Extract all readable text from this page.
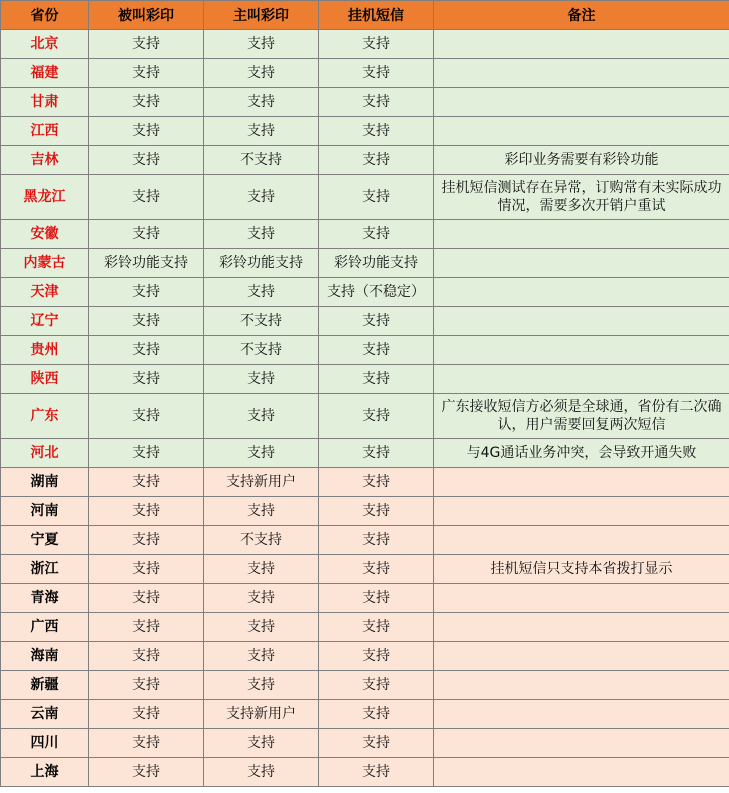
省份	被叫彩印	主叫彩印	挂机短信	备注
北京	支持	支持	支持	
福建	支持	支持	支持	
甘肃	支持	支持	支持	
江西	支持	支持	支持	
吉林	支持	不支持	支持	彩印业务需要有彩铃功能
黑龙江	支持	支持	支持	挂机短信测试存在异常，订购常有未实际成功情况，需要多次开销户重试
安徽	支持	支持	支持	
内蒙古	彩铃功能支持	彩铃功能支持	彩铃功能支持	
天津	支持	支持	支持（不稳定）	
辽宁	支持	不支持	支持	
贵州	支持	不支持	支持	
陕西	支持	支持	支持	
广东	支持	支持	支持	广东接收短信方必须是全球通，省份有二次确认，用户需要回复两次短信
河北	支持	支持	支持	与4G通话业务冲突，会导致开通失败
湖南	支持	支持新用户	支持	
河南	支持	支持	支持	
宁夏	支持	不支持	支持	
浙江	支持	支持	支持	挂机短信只支持本省拨打显示
青海	支持	支持	支持	
广西	支持	支持	支持	
海南	支持	支持	支持	
新疆	支持	支持	支持	
云南	支持	支持新用户	支持	
四川	支持	支持	支持	
上海	支持	支持	支持	
